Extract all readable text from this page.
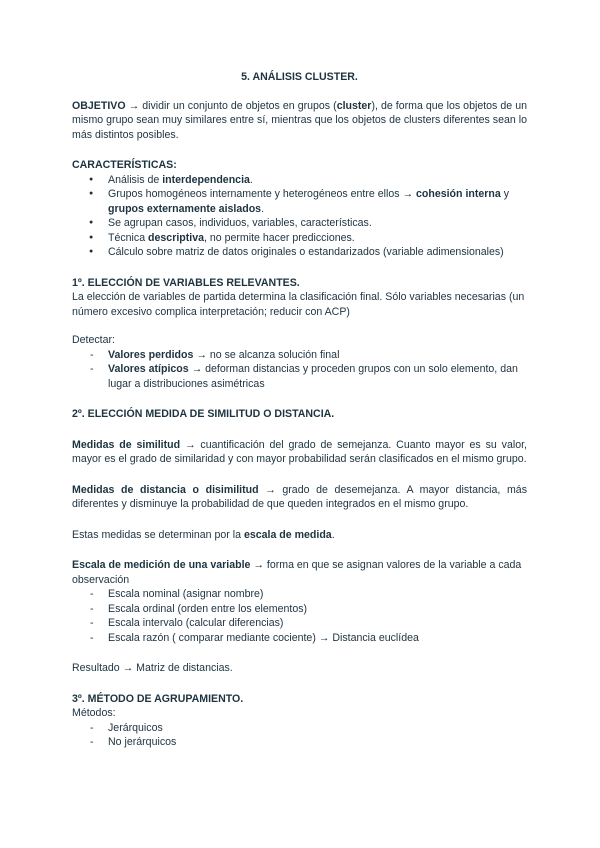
5. ANÁLISIS CLUSTER.

OBJETIVO → dividir un conjunto de objetos en grupos (cluster), de forma que los objetos de un mismo grupo sean muy similares entre sí, mientras que los objetos de clusters diferentes sean lo más distintos posibles.

CARACTERÍSTICAS:

● Análisis de interdependencia.
● Grupos homogéneos internamente y heterogéneos entre ellos → cohesión interna y grupos externamente aislados.
● Se agrupan casos, individuos, variables, características.
● Técnica descriptiva, no permite hacer predicciones.
● Cálculo sobre matriz de datos originales o estandarizados (variable adimensionales)

1º. ELECCIÓN DE VARIABLES RELEVANTES.

La elección de variables de partida determina la clasificación final. Sólo variables necesarias (un número excesivo complica interpretación; reducir con ACP)

Detectar:

- Valores perdidos → no se alcanza solución final
- Valores atípicos → deforman distancias y proceden grupos con un solo elemento, dan lugar a distribuciones asimétricas

2º. ELECCIÓN MEDIDA DE SIMILITUD O DISTANCIA.

Medidas de similitud → cuantificación del grado de semejanza. Cuanto mayor es su valor, mayor es el grado de similaridad y con mayor probabilidad serán clasificados en el mismo grupo.

Medidas de distancia o disimilitud → grado de desemejanza. A mayor distancia, más diferentes y disminuye la probabilidad de que queden integrados en el mismo grupo.

Estas medidas se determinan por la escala de medida.

Escala de medición de una variable → forma en que se asignan valores de la variable a cada observación

- Escala nominal (asignar nombre)
- Escala ordinal (orden entre los elementos)
- Escala intervalo (calcular diferencias)
- Escala razón ( comparar mediante cociente) → Distancia euclídea

Resultado → Matriz de distancias.

3º. MÉTODO DE AGRUPAMIENTO.

Métodos:

- Jerárquicos
- No jerárquicos
